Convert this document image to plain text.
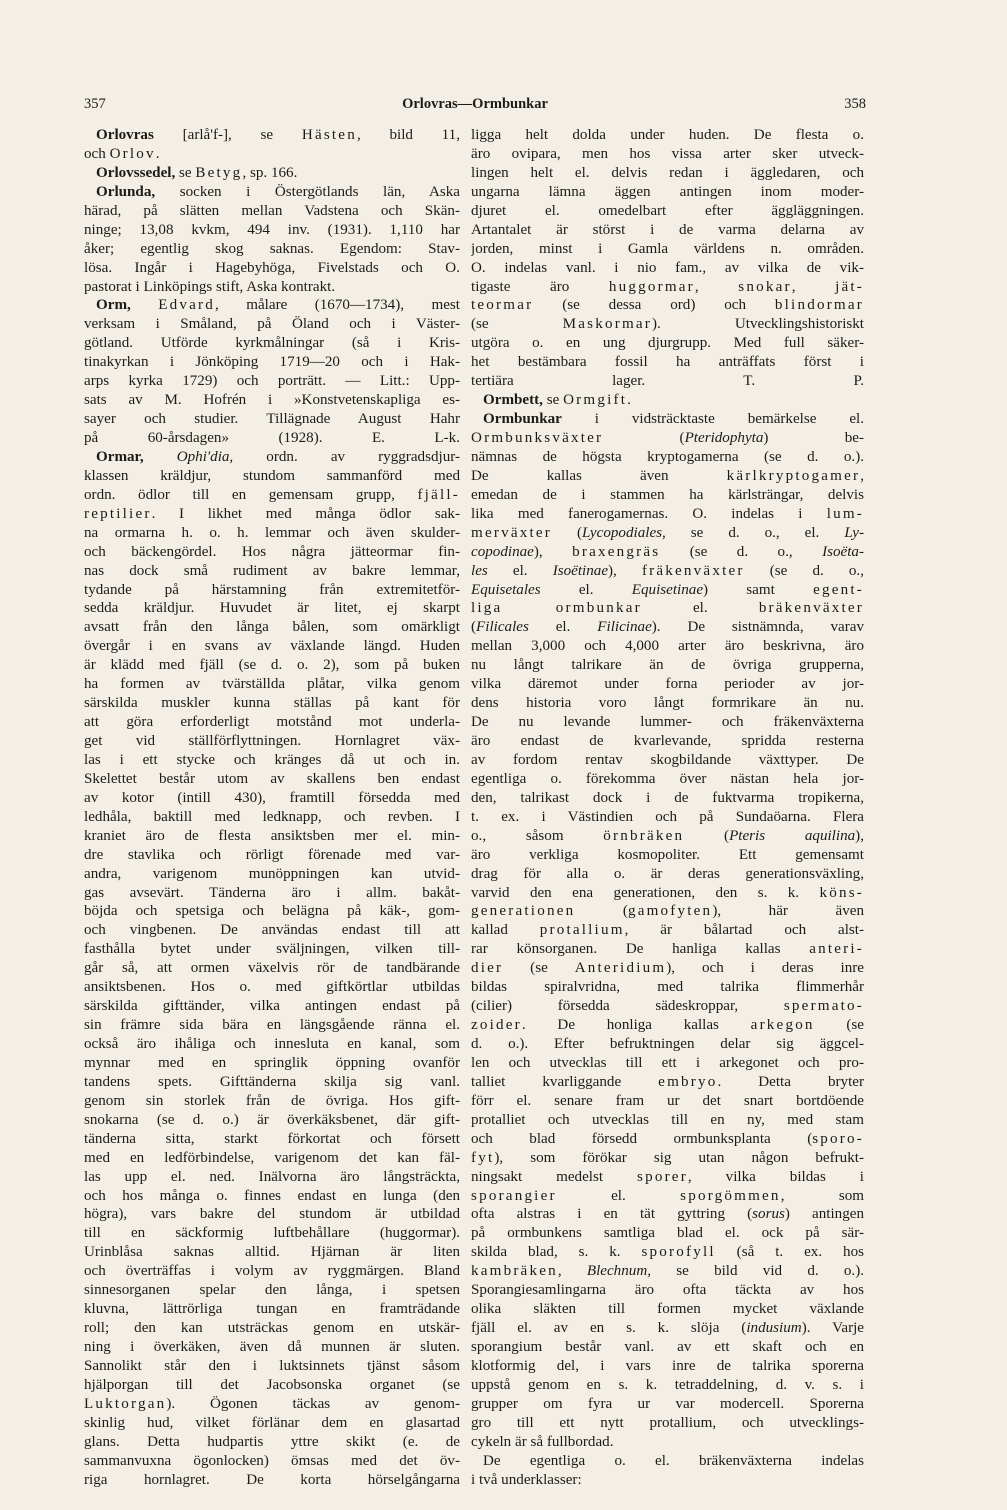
357	Orlovras—Ormbunkar	358
Orlovras [arlå'f-], se Hästen, bild 11,
och Orlov.
Orlovssedel, se Betyg, sp. 166.
Orlunda, socken i Östergötlands län, Aska
härad, på slätten mellan Vadstena och Skän-
ninge; 13,08 kvkm, 494 inv. (1931). 1,110 har
åker; egentlig skog saknas. Egendom: Stav-
lösa. Ingår i Hagebyhöga, Fivelstads och O.
pastorat i Linköpings stift, Aska kontrakt.
Orm, Edvard, målare (1670—1734), mest
verksam i Småland, på Öland och i Väster-
götland. Utförde kyrkmålningar (så i Kris-
tinakyrkan i Jönköping 1719—20 och i Hak-
arps kyrka 1729) och porträtt. — Litt.: Upp-
sats av M. Hofrén i »Konstvetenskapliga es-
sayer och studier. Tillägnade August Hahr
på 60-årsdagen» (1928). E. L-k.
Ormar, Ophi'dia, ordn. av ryggradsdjur-
klassen kräldjur, stundom sammanförd med
ordn. ödlor till en gemensam grupp, fjäll-
reptilier. I likhet med många ödlor sak-
na ormarna h. o. h. lemmar och även skulder-
och bäckengördel. Hos några jätteormar fin-
nas dock små rudiment av bakre lemmar,
tydande på härstamning från extremitetför-
sedda kräldjur. Huvudet är litet, ej skarpt
avsatt från den långa bålen, som omärkligt
övergår i en svans av växlande längd. Huden
är klädd med fjäll (se d. o. 2), som på buken
ha formen av tvärställda plåtar, vilka genom
särskilda muskler kunna ställas på kant för
att göra erforderligt motstånd mot underla-
get vid ställförflyttningen. Hornlagret väx-
las i ett stycke och kränges då ut och in.
Skelettet består utom av skallens ben endast
av kotor (intill 430), framtill försedda med
ledhåla, baktill med ledknapp, och revben. I
kraniet äro de flesta ansiktsben mer el. min-
dre stavlika och rörligt förenade med var-
andra, varigenom munöppningen kan utvid-
gas avsevärt. Tänderna äro i allm. bakåt-
böjda och spetsiga och belägna på käk-, gom-
och vingbenen. De användas endast till att
fasthålla bytet under sväljningen, vilken till-
går så, att ormen växelvis rör de tandbärande
ansiktsbenen. Hos o. med giftkörtlar utbildas
särskilda gifttänder, vilka antingen endast på
sin främre sida bära en längsgående ränna el.
också äro ihåliga och innesluta en kanal, som
mynnar med en springlik öppning ovanför
tandens spets. Gifttänderna skilja sig vanl.
genom sin storlek från de övriga. Hos gift-
snokarna (se d. o.) är överkäksbenet, där gift-
tänderna sitta, starkt förkortat och försett
med en ledförbindelse, varigenom det kan fäl-
las upp el. ned. Inälvorna äro långsträckta,
och hos många o. finnes endast en lunga (den
högra), vars bakre del stundom är utbildad
till en säckformig luftbehållare (huggormar).
Urinblåsa saknas alltid. Hjärnan är liten
och överträffas i volym av ryggmärgen. Bland
sinnesorganen spelar den långa, i spetsen
kluvna, lättrörliga tungan en framträdande
roll; den kan utsträckas genom en utskär-
ning i överkäken, även då munnen är sluten.
Sannolikt står den i luktsinnets tjänst såsom
hjälporgan till det Jacobsonska organet (se
Luktorgan). Ögonen täckas av genom-
skinlig hud, vilket förlänar dem en glasartad
glans. Detta hudpartis yttre skikt (e. de
sammanvuxna ögonlocken) ömsas med det öv-
riga hornlagret. De korta hörselgångarna
ligga helt dolda under huden. De flesta o.
äro ovipara, men hos vissa arter sker utveck-
lingen helt el. delvis redan i äggledaren, och
ungarna lämna äggen antingen inom moder-
djuret el. omedelbart efter äggläggningen.
Artantalet är störst i de varma delarna av
jorden, minst i Gamla världens n. områden.
O. indelas vanl. i nio fam., av vilka de vik-
tigaste äro huggormar, snokar, jät-
teormar (se dessa ord) och blindormar
(se Maskormar). Utvecklingshistoriskt
utgöra o. en ung djurgrupp. Med full säker-
het bestämbara fossil ha anträffats först i
tertiära lager. T. P.
Ormbett, se Ormgift.
Ormbunkar i vidsträcktaste bemärkelse el.
Ormbunksväxter (Pteridophyta) be-
nämnas de högsta kryptogamerna (se d. o.).
De kallas även kärlkryptogamer,
emedan de i stammen ha kärlsträngar, delvis
lika med fanerogamernas. O. indelas i lum-
merväxter (Lycopodiales, se d. o., el. Ly-
copodinae), braxengräs (se d. o., Isoëta-
les el. Isoëtinae), fräkenväxter (se d. o.,
Equisetales el. Equisetinae) samt egent-
liga ormbunkar el. bräkenväxter
(Filicales el. Filicinae). De sistnämnda, varav
mellan 3,000 och 4,000 arter äro beskrivna, äro
nu långt talrikare än de övriga grupperna,
vilka däremot under forna perioder av jor-
dens historia voro långt formrikare än nu.
De nu levande lummer- och fräkenväxterna
äro endast de kvarlevande, spridda resterna
av fordom rentav skogbildande växttyper. De
egentliga o. förekomma över nästan hela jor-
den, talrikast dock i de fuktvarma tropikerna,
t. ex. i Västindien och på Sundaöarna. Flera
o., såsom örnbräken (Pteris aquilina),
äro verkliga kosmopoliter. Ett gemensamt
drag för alla o. är deras generationsväxling,
varvid den ena generationen, den s. k. köns-
generationen (gamofyten), här även
kallad protallium, är bålartad och alst-
rar könsorganen. De hanliga kallas anteri-
dier (se Anteridium), och i deras inre
bildas spiralvridna, med talrika flimmerhår
(cilier) försedda sädeskroppar, spermato-
zoider. De honliga kallas arkegon (se
d. o.). Efter befruktningen delar sig äggcel-
len och utvecklas till ett i arkegonet och pro-
talliet kvarliggande embryo. Detta bryter
förr el. senare fram ur det snart bortdöende
protalliet och utvecklas till en ny, med stam
och blad försedd ormbunksplanta (sporo-
fyt), som förökar sig utan någon befrukt-
ningsakt medelst sporer, vilka bildas i
sporangier el. sporgömmen, som
ofta alstras i en tät gyttring (sorus) antingen
på ormbunkens samtliga blad el. ock på sär-
skilda blad, s. k. sporofyll (så t. ex. hos
kambräken, Blechnum, se bild vid d. o.).
Sporangiesamlingarna äro ofta täckta av hos
olika släkten till formen mycket växlande
fjäll el. av en s. k. slöja (indusium). Varje
sporangium består vanl. av ett skaft och en
klotformig del, i vars inre de talrika sporerna
uppstå genom en s. k. tetraddelning, d. v. s. i
grupper om fyra ur var modercell. Sporerna
gro till ett nytt protallium, och utvecklings-
cykeln är så fullbordad.
De egentliga o. el. bräkenväxterna indelas
i två underklasser:
